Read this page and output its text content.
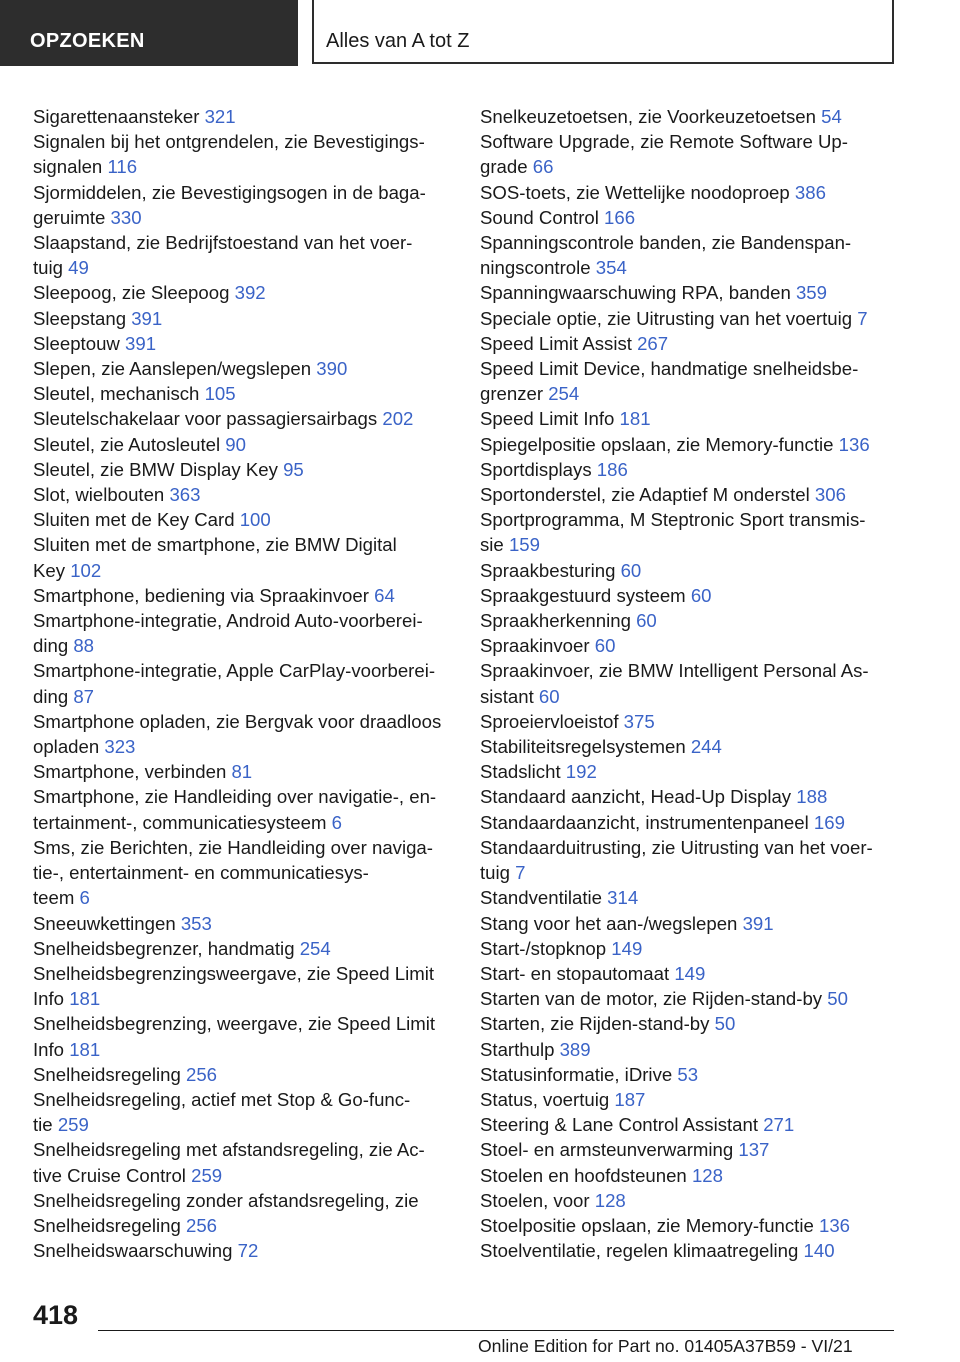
OPZOEKEN	Alles van A tot Z
Sigarettenaansteker 321
Signalen bij het ontgrendelen, zie Bevestigings-
signalen 116
Sjormiddelen, zie Bevestigingsogen in de baga-
geruimte 330
Slaapstand, zie Bedrijfstoestand van het voer-
tuig 49
Sleepoog, zie Sleepoog 392
Sleepstang 391
Sleeptouw 391
Slepen, zie Aanslepen/wegslepen 390
Sleutel, mechanisch 105
Sleutelschakelaar voor passagiersairbags 202
Sleutel, zie Autosleutel 90
Sleutel, zie BMW Display Key 95
Slot, wielbouten 363
Sluiten met de Key Card 100
Sluiten met de smartphone, zie BMW Digital
Key 102
Smartphone, bediening via Spraakinvoer 64
Smartphone-integratie, Android Auto-voorberei-
ding 88
Smartphone-integratie, Apple CarPlay-voorberei-
ding 87
Smartphone opladen, zie Bergvak voor draadloos
opladen 323
Smartphone, verbinden 81
Smartphone, zie Handleiding over navigatie-, en-
tertainment-, communicatiesysteem 6
Sms, zie Berichten, zie Handleiding over naviga-
tie-, entertainment- en communicatiesys-
teem 6
Sneeuwkettingen 353
Snelheidsbegrenzer, handmatig 254
Snelheidsbegrenzingsweergave, zie Speed Limit
Info 181
Snelheidsbegrenzing, weergave, zie Speed Limit
Info 181
Snelheidsregeling 256
Snelheidsregeling, actief met Stop & Go-func-
tie 259
Snelheidsregeling met afstandsregeling, zie Ac-
tive Cruise Control 259
Snelheidsregeling zonder afstandsregeling, zie
Snelheidsregeling 256
Snelheidswaarschuwing 72
Snelkeuzetoetsen, zie Voorkeuzetoetsen 54
Software Upgrade, zie Remote Software Up-
grade 66
SOS-toets, zie Wettelijke noodoproep 386
Sound Control 166
Spanningscontrole banden, zie Bandenspan-
ningscontrole 354
Spanningwaarschuwing RPA, banden 359
Speciale optie, zie Uitrusting van het voertuig 7
Speed Limit Assist 267
Speed Limit Device, handmatige snelheidsbe-
grenzer 254
Speed Limit Info 181
Spiegelpositie opslaan, zie Memory-functie 136
Sportdisplays 186
Sportonderstel, zie Adaptief M onderstel 306
Sportprogramma, M Steptronic Sport transmis-
sie 159
Spraakbesturing 60
Spraakgestuurd systeem 60
Spraakherkenning 60
Spraakinvoer 60
Spraakinvoer, zie BMW Intelligent Personal As-
sistant 60
Sproeiervloeistof 375
Stabiliteitsregelsystemen 244
Stadslicht 192
Standaard aanzicht, Head-Up Display 188
Standaardaanzicht, instrumentenpaneel 169
Standaarduitrusting, zie Uitrusting van het voer-
tuig 7
Standventilatie 314
Stang voor het aan-/wegslepen 391
Start-/stopknop 149
Start- en stopautomaat 149
Starten van de motor, zie Rijden-stand-by 50
Starten, zie Rijden-stand-by 50
Starthulp 389
Statusinformatie, iDrive 53
Status, voertuig 187
Steering & Lane Control Assistant 271
Stoel- en armsteunverwarming 137
Stoelen en hoofdsteunen 128
Stoelen, voor 128
Stoelpositie opslaan, zie Memory-functie 136
Stoelventilatie, regelen klimaatregeling 140
418
Online Edition for Part no. 01405A37B59 - VI/21
